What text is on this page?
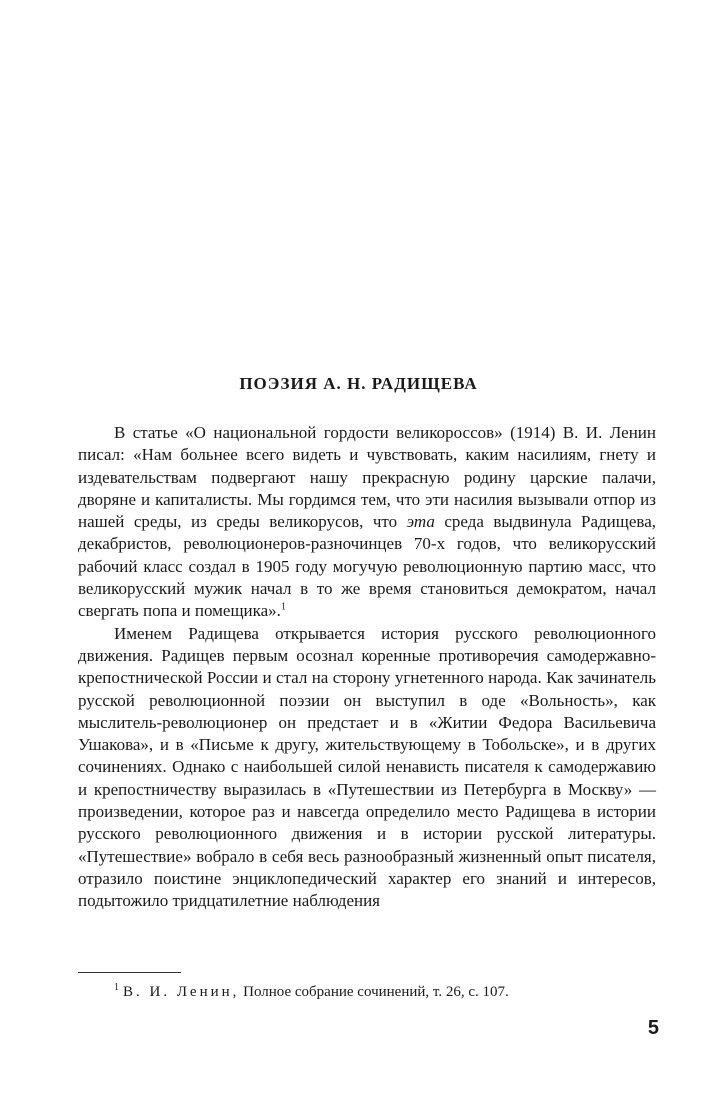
ПОЭЗИЯ А. Н. РАДИЩЕВА

В статье «О национальной гордости великороссов» (1914) В. И. Ленин писал: «Нам больнее всего видеть и чувствовать, каким насилиям, гнету и издевательствам подвергают нашу прекрасную родину царские палачи, дворяне и капиталисты. Мы гордимся тем, что эти насилия вызывали отпор из нашей среды, из среды великорусов, что эта среда выдвинула Радищева, декабристов, революционеров-разночинцев 70-х годов, что великорусский рабочий класс создал в 1905 году могучую революционную партию масс, что великорусский мужик начал в то же время становиться демократом, начал свергать попа и помещика».$^1$

Именем Радищева открывается история русского революционного движения. Радищев первым осознал коренные противоречия самодержавно-крепостнической России и стал на сторону угнетенного народа. Как зачинатель русской революционной поэзии он выступил в оде «Вольность», как мыслитель-революционер он предстает и в «Житии Федора Васильевича Ушакова», и в «Письме к другу, жительствующему в Тобольске», и в других сочинениях. Однако с наибольшей силой ненависть писателя к самодержавию и крепостничеству выразилась в «Путешествии из Петербурга в Москву» — произведении, которое раз и навсегда определило место Радищева в истории русского революционного движения и в истории русской литературы. «Путешествие» вобрало в себя весь разнообразный жизненный опыт писателя, отразило поистине энциклопедический характер его знаний и интересов, подытожило тридцатилетние наблюдения

$^1$ В. И. Ленин, Полное собрание сочинений, т. 26, с. 107.
5
